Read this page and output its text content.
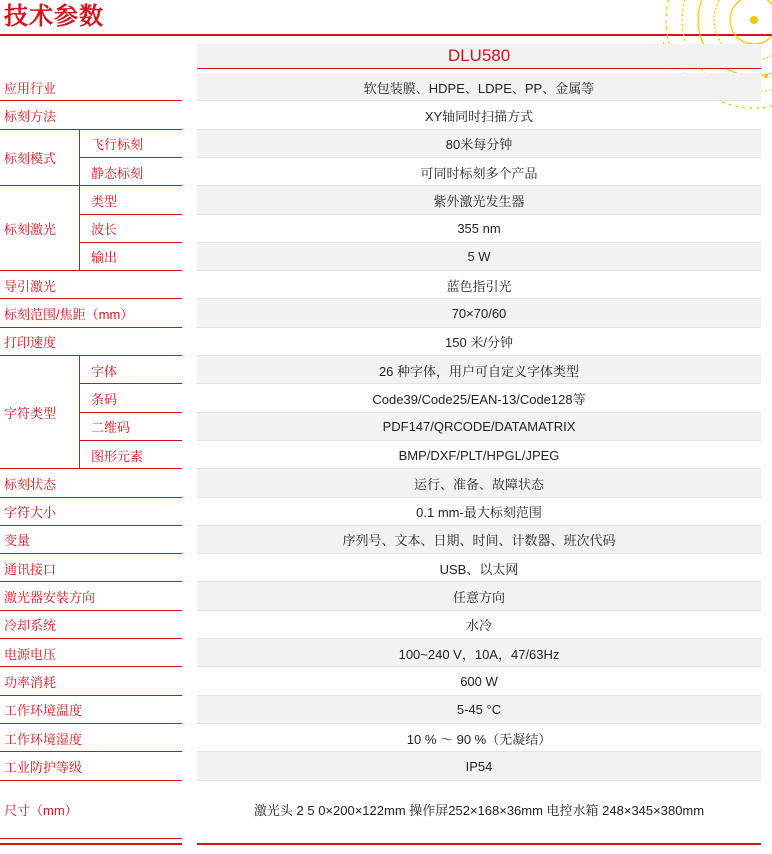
技术参数
DLU580
软包装膜、HDPE、LDPE、PP、金属等
应用行业
XY轴同时扫描方式
标刻方法
80米每分钟
飞行标刻
可同时标刻多个产品
静态标刻
紫外激光发生器
类型
355 nm
波长
5 W
输出
蓝色指引光
导引激光
70×70/60
标刻范围/焦距（mm）
150 米/分钟
打印速度
26 种字体，用户可自定义字体类型
字体
Code39/Code25/EAN-13/Code128等
条码
PDF147/QRCODE/DATAMATRIX
二维码
BMP/DXF/PLT/HPGL/JPEG
图形元素
运行、准备、故障状态
标刻状态
0.1 mm-最大标刻范围
字符大小
序列号、文本、日期、时间、计数器、班次代码
变量
USB、以太网
通讯接口
任意方向
激光器安装方向
水冷
冷却系统
100~240 V，10A，47/63Hz
电源电压
600 W
功率消耗
5-45 °C
工作环境温度
10 % ～ 90 %（无凝结）
工作环境湿度
IP54
工业防护等级
激光头 2 5 0×200×122mm 操作屏252×168×36mm 电控水箱 248×345×380mm
尺寸（mm）
标刻模式
标刻激光
字符类型
